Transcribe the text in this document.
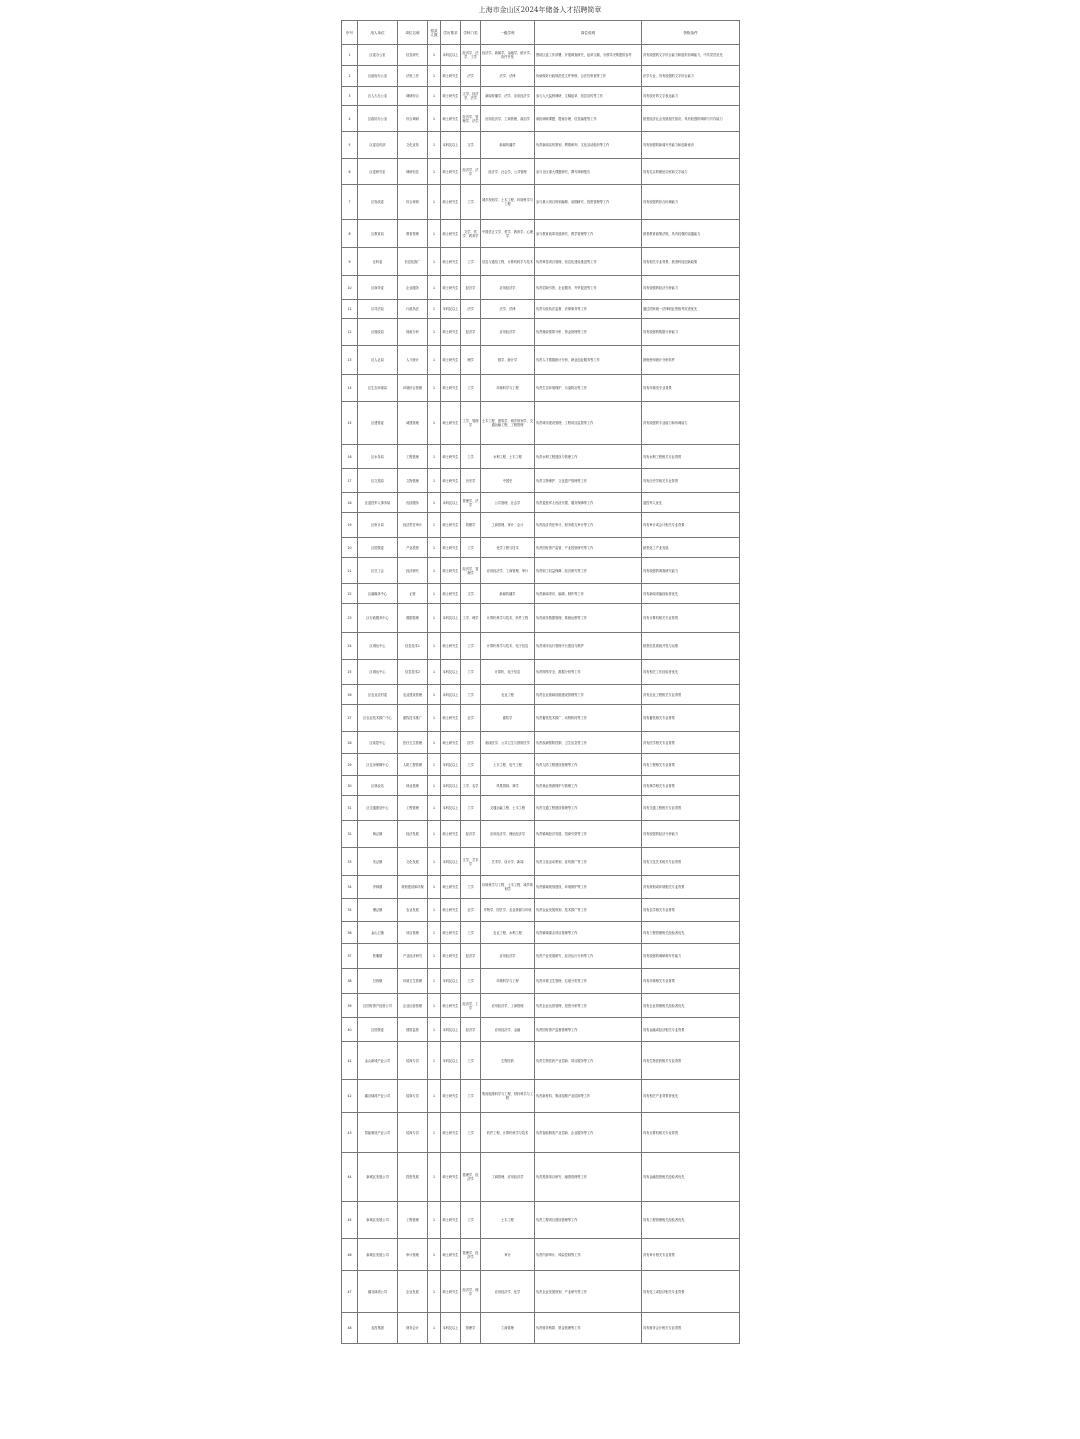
上海市金山区2024年储备人才招聘简章
序号	用人单位	岗位名称	招录人数	学历要求	学科门类	一级学科	岗位说明	资格条件
1	区委办公室	信息研究	1	本科及以上	经济学、法学、工学	经济学，新闻学，金融学，统计学，软件开发	围绕区委工作部署，开展调查研究，起草文稿，为领导决策提供参考	具有较强的文字综合能力和组织协调能力，中共党员优先
2	区政府办公室	法规工作	1	硕士研究生	法学	法学、法律	协助做好行政规范性文件审核、合法性审查等工作	法学专业，具有较强的文字综合能力
3	区人大办公室	调研综合	1	硕士研究生	文学、经济学、法学	新闻传播学、法学、应用经济学	参与人大监督调研、文稿起草、信息宣传等工作	具有较好的文字表达能力
4	区政协办公室	综合调研	1	硕士研究生	经济学、管理学、法学	应用经济学、工商管理、政治学	承担调研课题、提案办理、信息编报等工作	熟悉经济社会发展相关知识，具有较强的调研与写作能力
5	区委宣传部	文化宣传	1	本科及以上	文学	新闻传播学	负责新闻宣传策划、舆情研判、文化活动组织等工作	具有较强的新闻写作能力和创新意识
6	区委研究室	调研信息	1	硕士研究生	经济学、法学	经济学、社会学、公共管理	参与全区重大课题研究，撰写调研报告	具有扎实的理论功底和文字能力
7	区发改委	综合规划	1	硕士研究生	工学	城乡规划学、土木工程、环境科学与工程	参与重大项目规划编制、前期研究、投资管理等工作	具有较强的综合协调能力
8	区教育局	教育管理	1	硕士研究生	文学、哲学、教育学	中国语言文学、哲学、教育学、心理学	参与教育改革发展研究、教学管理等工作	熟悉教育政策法规，具有较强的沟通能力
9	区科委	信息化推广	1	硕士研究生	工学	信息与通信工程、计算机科学与技术	负责科技项目管理、信息化建设推进等工作	具有相关专业背景，熟悉科技创新政策
10	区商务委	企业服务	1	硕士研究生	经济学	应用经济学	负责招商引资、企业服务、外贸促进等工作	具有较强的经济分析能力
11	区司法局	行政执法	1	本科及以上	法学	法学、法律	负责行政执法监督、法律事务等工作	通过国家统一法律职业资格考试者优先
12	区财政局	财政分析	1	硕士研究生	经济学	应用经济学	负责财政预算分析、资金管理等工作	具有较强的数据分析能力
13	区人社局	人才统计	1	硕士研究生	理学	数学、统计学	负责人才数据统计分析、就业创业服务等工作	熟练使用统计分析软件
14	区生态环境局	环境综合管理	1	硕士研究生	工学	环境科学与工程	负责生态环境保护、污染防治等工作	具有环境类专业背景
15	区建管委	城建管理	1	硕士研究生	工学、管理学	土木工程、建筑学、城乡规划学、交通运输工程、工程管理	负责城市建设管理、工程项目监管等工作	具有较强的专业能力和协调能力
16	区水务局	工程管理	1	硕士研究生	工学	水利工程、土木工程	负责水利工程建设与管理工作	具有水利工程相关专业背景
17	区文旅局	文物管理	1	硕士研究生	历史学	中国史	负责文物保护、文化遗产管理等工作	具有历史学相关专业背景
18	区退役军人事务局	优抚服务	1	本科及以上	管理学、法学	公共管理、社会学	负责退役军人优抚安置、服务保障等工作	退役军人优先
19	区审计局	经济责任审计	1	硕士研究生	管理学	工商管理、审计、会计	负责经济责任审计、财务收支审计等工作	具有审计或会计相关专业背景
20	区国资委	产业投资	1	硕士研究生	工学	化学工程与技术	负责国有资产监管、产业投资研究等工作	熟悉化工产业发展
21	区总工会	经济研究	1	硕士研究生	经济学、管理学	应用经济学、工商管理、审计	负责职工权益保障、经济研究等工作	具有较强的调查研究能力
22	区融媒体中心	记者	1	硕士研究生	文学	新闻传播学	负责新闻采访、编辑、制作等工作	具有新闻采编经验者优先
23	区行政服务中心	数据管理	1	本科及以上	工学、理学	计算机科学与技术、软件工程	负责政务数据管理、系统运维等工作	具有计算机相关专业背景
24	区城运中心	信息技术1	1	硕士研究生	工学	计算机科学与技术、电子信息	负责城市运行管理平台建设与维护	熟悉信息系统开发与运维
25	区城运中心	信息技术2	1	本科及以上	工学	计算机、电子信息	负责网络安全、数据分析等工作	具有相关工作经验者优先
26	区农业农村委	农业建设管理	1	本科及以上	工学	农业工程	负责农业基础设施建设管理等工作	具有农业工程相关专业背景
27	区农业技术推广中心	畜牧技术推广	1	硕士研究生	农学	畜牧学	负责畜牧技术推广、动物防疫等工作	具有畜牧相关专业背景
28	区疾控中心	医疗卫生管理	1	硕士研究生	医学	临床医学、公共卫生与预防医学	负责疾病预防控制、卫生应急等工作	具有医学相关专业背景
29	区住房保障中心	人防工程管理	1	本科及以上	工学	土木工程、电气工程	负责人防工程建设管理等工作	具有工程相关专业背景
30	区林业站	林业管理	1	本科及以上	工学、农学	风景园林、林学	负责林业资源保护与管理工作	具有林学相关专业背景
31	区交通建设中心	工程管理	1	本科及以上	工学	交通运输工程、土木工程	负责交通工程建设管理等工作	具有交通工程相关专业背景
32	枫泾镇	经济发展	1	硕士研究生	经济学	应用经济学、理论经济学	负责镇域经济发展、招商引资等工作	具有较强的经济分析能力
33	朱泾镇	文化发展	1	本科及以上	文学、艺术学	艺术学、设计学、新闻	负责文化活动策划、宣传推广等工作	具有文化艺术相关专业背景
34	亭林镇	规划建设和环保	1	硕士研究生	工学	环境科学与工程、土木工程、城乡规划学	负责镇域规划建设、环境保护等工作	具有规划或环境相关专业背景
35	漕泾镇	农业发展	1	硕士研究生	农学	作物学、园艺学、农业资源与环境	负责农业发展规划、技术推广等工作	具有农学相关专业背景
36	金山卫镇	项目管理	1	硕士研究生	工学	农业工程、水利工程	负责镇域重点项目管理等工作	具有工程管理相关经验者优先
37	张堰镇	产业经济研究	1	硕士研究生	经济学	应用经济学	负责产业发展研究、经济运行分析等工作	具有较强的调研和写作能力
38	吕巷镇	环境卫生管理	1	本科及以上	工学	环境科学与工程	负责环境卫生管理、垃圾分类等工作	具有环境相关专业背景
39	区国有资产经营公司	企业运营管理	1	硕士研究生	经济学、工学	应用经济学、工商管理	负责企业运营管理、投资分析等工作	具有企业管理相关经验者优先
40	区国资委	国资监管	1	本科及以上	经济学	应用经济学、金融	负责国有资产监督管理等工作	具有金融或经济相关专业背景
41	金山新城产业公司	招商专员	1	本科及以上	工学	生物医药	负责生物医药产业招商、项目服务等工作	具有生物医药相关专业背景
42	碳谷绿湾产业公司	招商专员	1	硕士研究生	工学	集成电路科学与工程、材料科学与工程	负责新材料、集成电路产业招商等工作	具有相关产业背景者优先
43	智能制造产业公司	招商专员	1	硕士研究生	工学	软件工程、计算机科学与技术	负责智能制造产业招商、企业服务等工作	具有计算机相关专业背景
44	新城区发展公司	投资发展	1	硕士研究生	管理学、经济学	工商管理、应用经济学	负责投资项目研究、融资管理等工作	具有金融投资相关经验者优先
45	新城区发展公司	工程管理	1	硕士研究生	工学	土木工程	负责工程项目建设管理等工作	具有工程管理相关经验者优先
46	新城区发展公司	审计管理	1	硕士研究生	管理学、经济学	审计	负责内部审计、风险控制等工作	具有审计相关专业背景
47	碳谷绿湾公司	企业发展	1	硕士研究生	经济学、理学	应用经济学、化学	负责企业发展规划、产业研究等工作	具有化工或经济相关专业背景
48	农投集团	财务会计	1	本科及以上	管理学	工商管理	负责财务核算、资金管理等工作	具有财务会计相关专业背景
